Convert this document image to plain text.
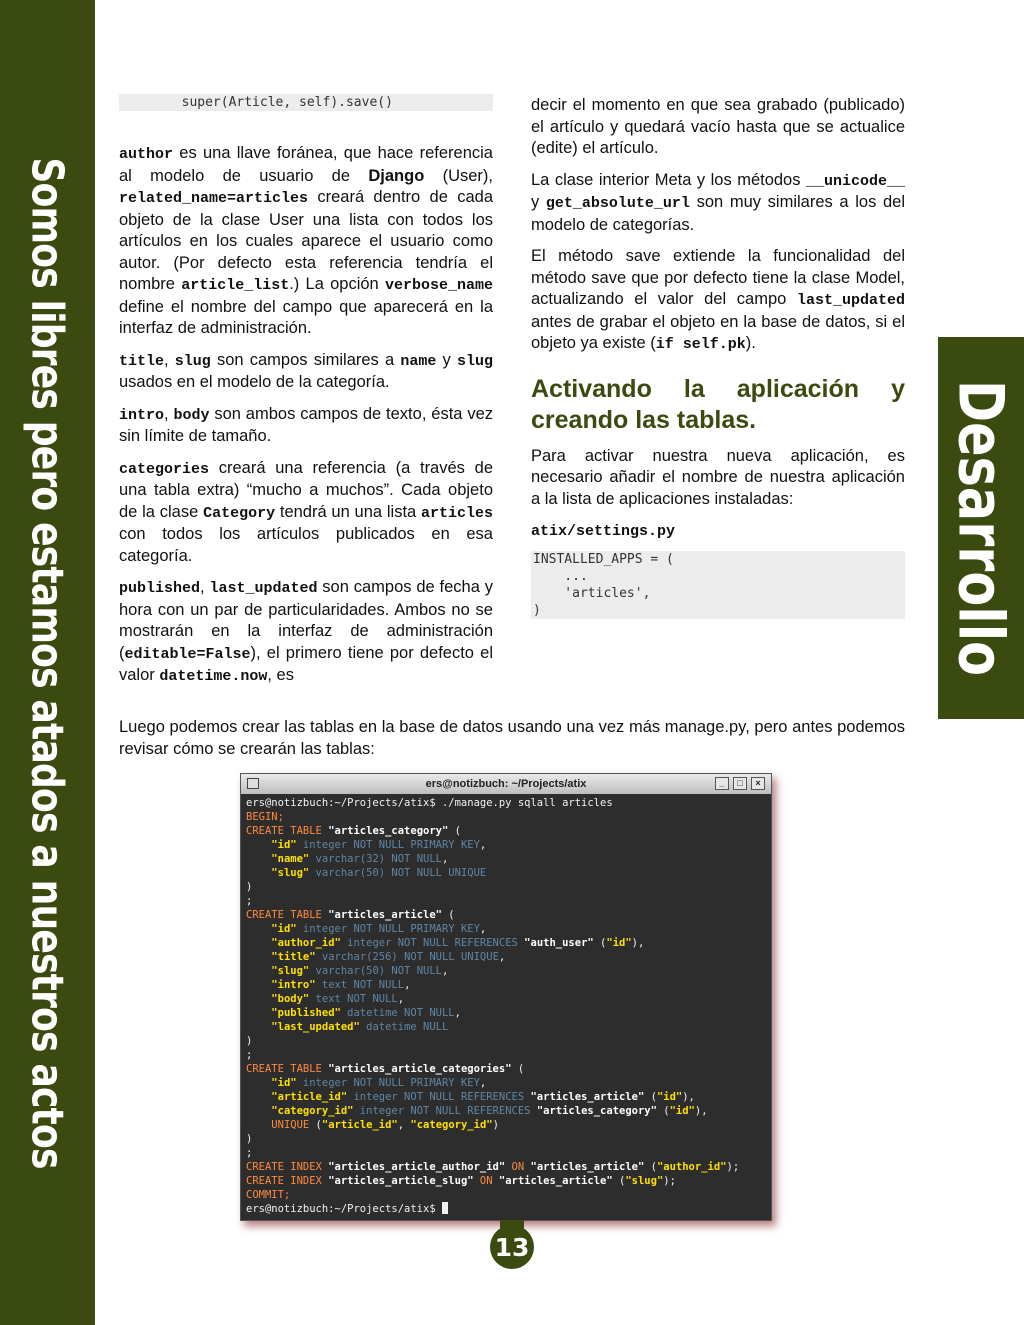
Somos libres pero estamos atados a nuestros actos	Desarrollo
super(Article, self).save()

author es una llave foránea, que hace referencia al modelo de usuario de Django (User), related_name=articles creará dentro de cada objeto de la clase User una lista con todos los artículos en los cuales aparece el usuario como autor. (Por defecto esta referencia tendría el nombre article_list.) La opción verbose_name define el nombre del campo que aparecerá en la interfaz de administración.

title, slug son campos similares a name y slug usados en el modelo de la categoría.

intro, body son ambos campos de texto, ésta vez sin límite de tamaño.

categories creará una referencia (a través de una tabla extra) “mucho a muchos”. Cada objeto de la clase Category tendrá un una lista articles con todos los artículos publicados en esa categoría.

published, last_updated son campos de fecha y hora con un par de particularidades. Ambos no se mostrarán en la interfaz de administración (editable=False), el primero tiene por defecto el valor datetime.now, es

decir el momento en que sea grabado (publicado) el artículo y quedará vacío hasta que se actualice (edite) el artículo.

La clase interior Meta y los métodos __unicode__ y get_absolute_url son muy similares a los del modelo de categorías.

El método save extiende la funcionalidad del método save que por defecto tiene la clase Model, actualizando el valor del campo last_updated antes de grabar el objeto en la base de datos, si el objeto ya existe (if self.pk).

Activando la aplicación y creando las tablas.

Para activar nuestra nueva aplicación, es necesario añadir el nombre de nuestra aplicación a la lista de aplicaciones instaladas:

atix/settings.py

INSTALLED_APPS = (
...
'articles',
)
Luego podemos crear las tablas en la base de datos usando una vez más manage.py, pero antes podemos revisar cómo se crearán las tablas:
ers@notizbuch: ~/Projects/atix	_	□	×
ers@notizbuch:~/Projects/atix$ ./manage.py sqlall articles
BEGIN;
CREATE TABLE "articles_category" (
"id" integer NOT NULL PRIMARY KEY,
"name" varchar(32) NOT NULL,
"slug" varchar(50) NOT NULL UNIQUE
)
;
CREATE TABLE "articles_article" (
"id" integer NOT NULL PRIMARY KEY,
"author_id" integer NOT NULL REFERENCES "auth_user" ("id"),
"title" varchar(256) NOT NULL UNIQUE,
"slug" varchar(50) NOT NULL,
"intro" text NOT NULL,
"body" text NOT NULL,
"published" datetime NOT NULL,
"last_updated" datetime NULL
)
;
CREATE TABLE "articles_article_categories" (
"id" integer NOT NULL PRIMARY KEY,
"article_id" integer NOT NULL REFERENCES "articles_article" ("id"),
"category_id" integer NOT NULL REFERENCES "articles_category" ("id"),
UNIQUE ("article_id", "category_id")
)
;
CREATE INDEX "articles_article_author_id" ON "articles_article" ("author_id");
CREATE INDEX "articles_article_slug" ON "articles_article" ("slug");
COMMIT;
ers@notizbuch:~/Projects/atix$
13
